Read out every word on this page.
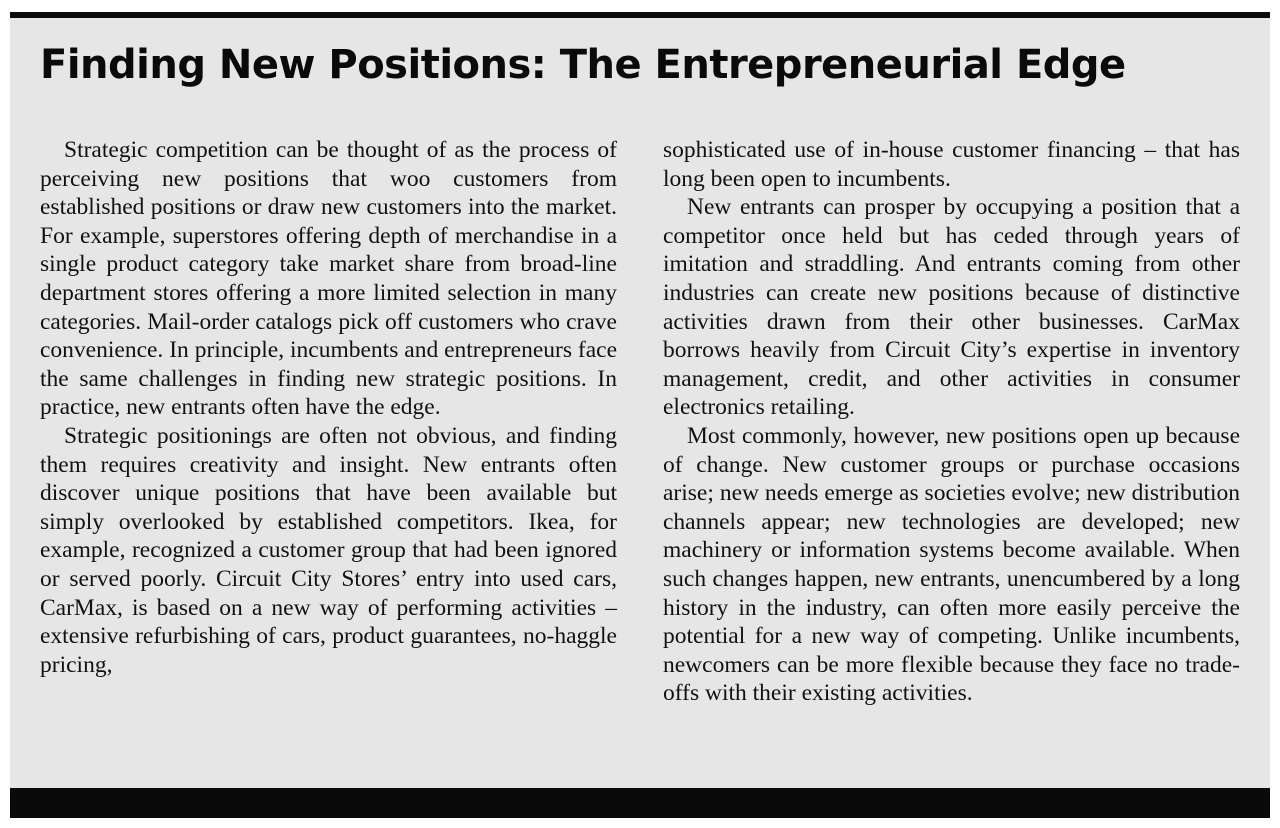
Finding New Positions: The Entrepreneurial Edge

Strategic competition can be thought of as the process of perceiving new positions that woo customers from established positions or draw new customers into the market. For example, superstores offering depth of merchandise in a single product category take market share from broad-line department stores offering a more limited selection in many categories. Mail-order catalogs pick off customers who crave convenience. In principle, incumbents and entrepreneurs face the same challenges in finding new strategic positions. In practice, new entrants often have the edge.

Strategic positionings are often not obvious, and finding them requires creativity and insight. New entrants often discover unique positions that have been available but simply overlooked by established competitors. Ikea, for example, recognized a customer group that had been ignored or served poorly. Circuit City Stores’ entry into used cars, CarMax, is based on a new way of performing activities – extensive refurbishing of cars, product guarantees, no-haggle pricing,

sophisticated use of in-house customer financing – that has long been open to incumbents.

New entrants can prosper by occupying a position that a competitor once held but has ceded through years of imitation and straddling. And entrants coming from other industries can create new positions because of distinctive activities drawn from their other businesses. CarMax borrows heavily from Circuit City’s expertise in inventory management, credit, and other activities in consumer electronics retailing.

Most commonly, however, new positions open up because of change. New customer groups or purchase occasions arise; new needs emerge as societies evolve; new distribution channels appear; new technologies are developed; new machinery or information systems become available. When such changes happen, new entrants, unencumbered by a long history in the industry, can often more easily perceive the potential for a new way of competing. Unlike incumbents, newcomers can be more flexible because they face no trade-offs with their existing activities.
